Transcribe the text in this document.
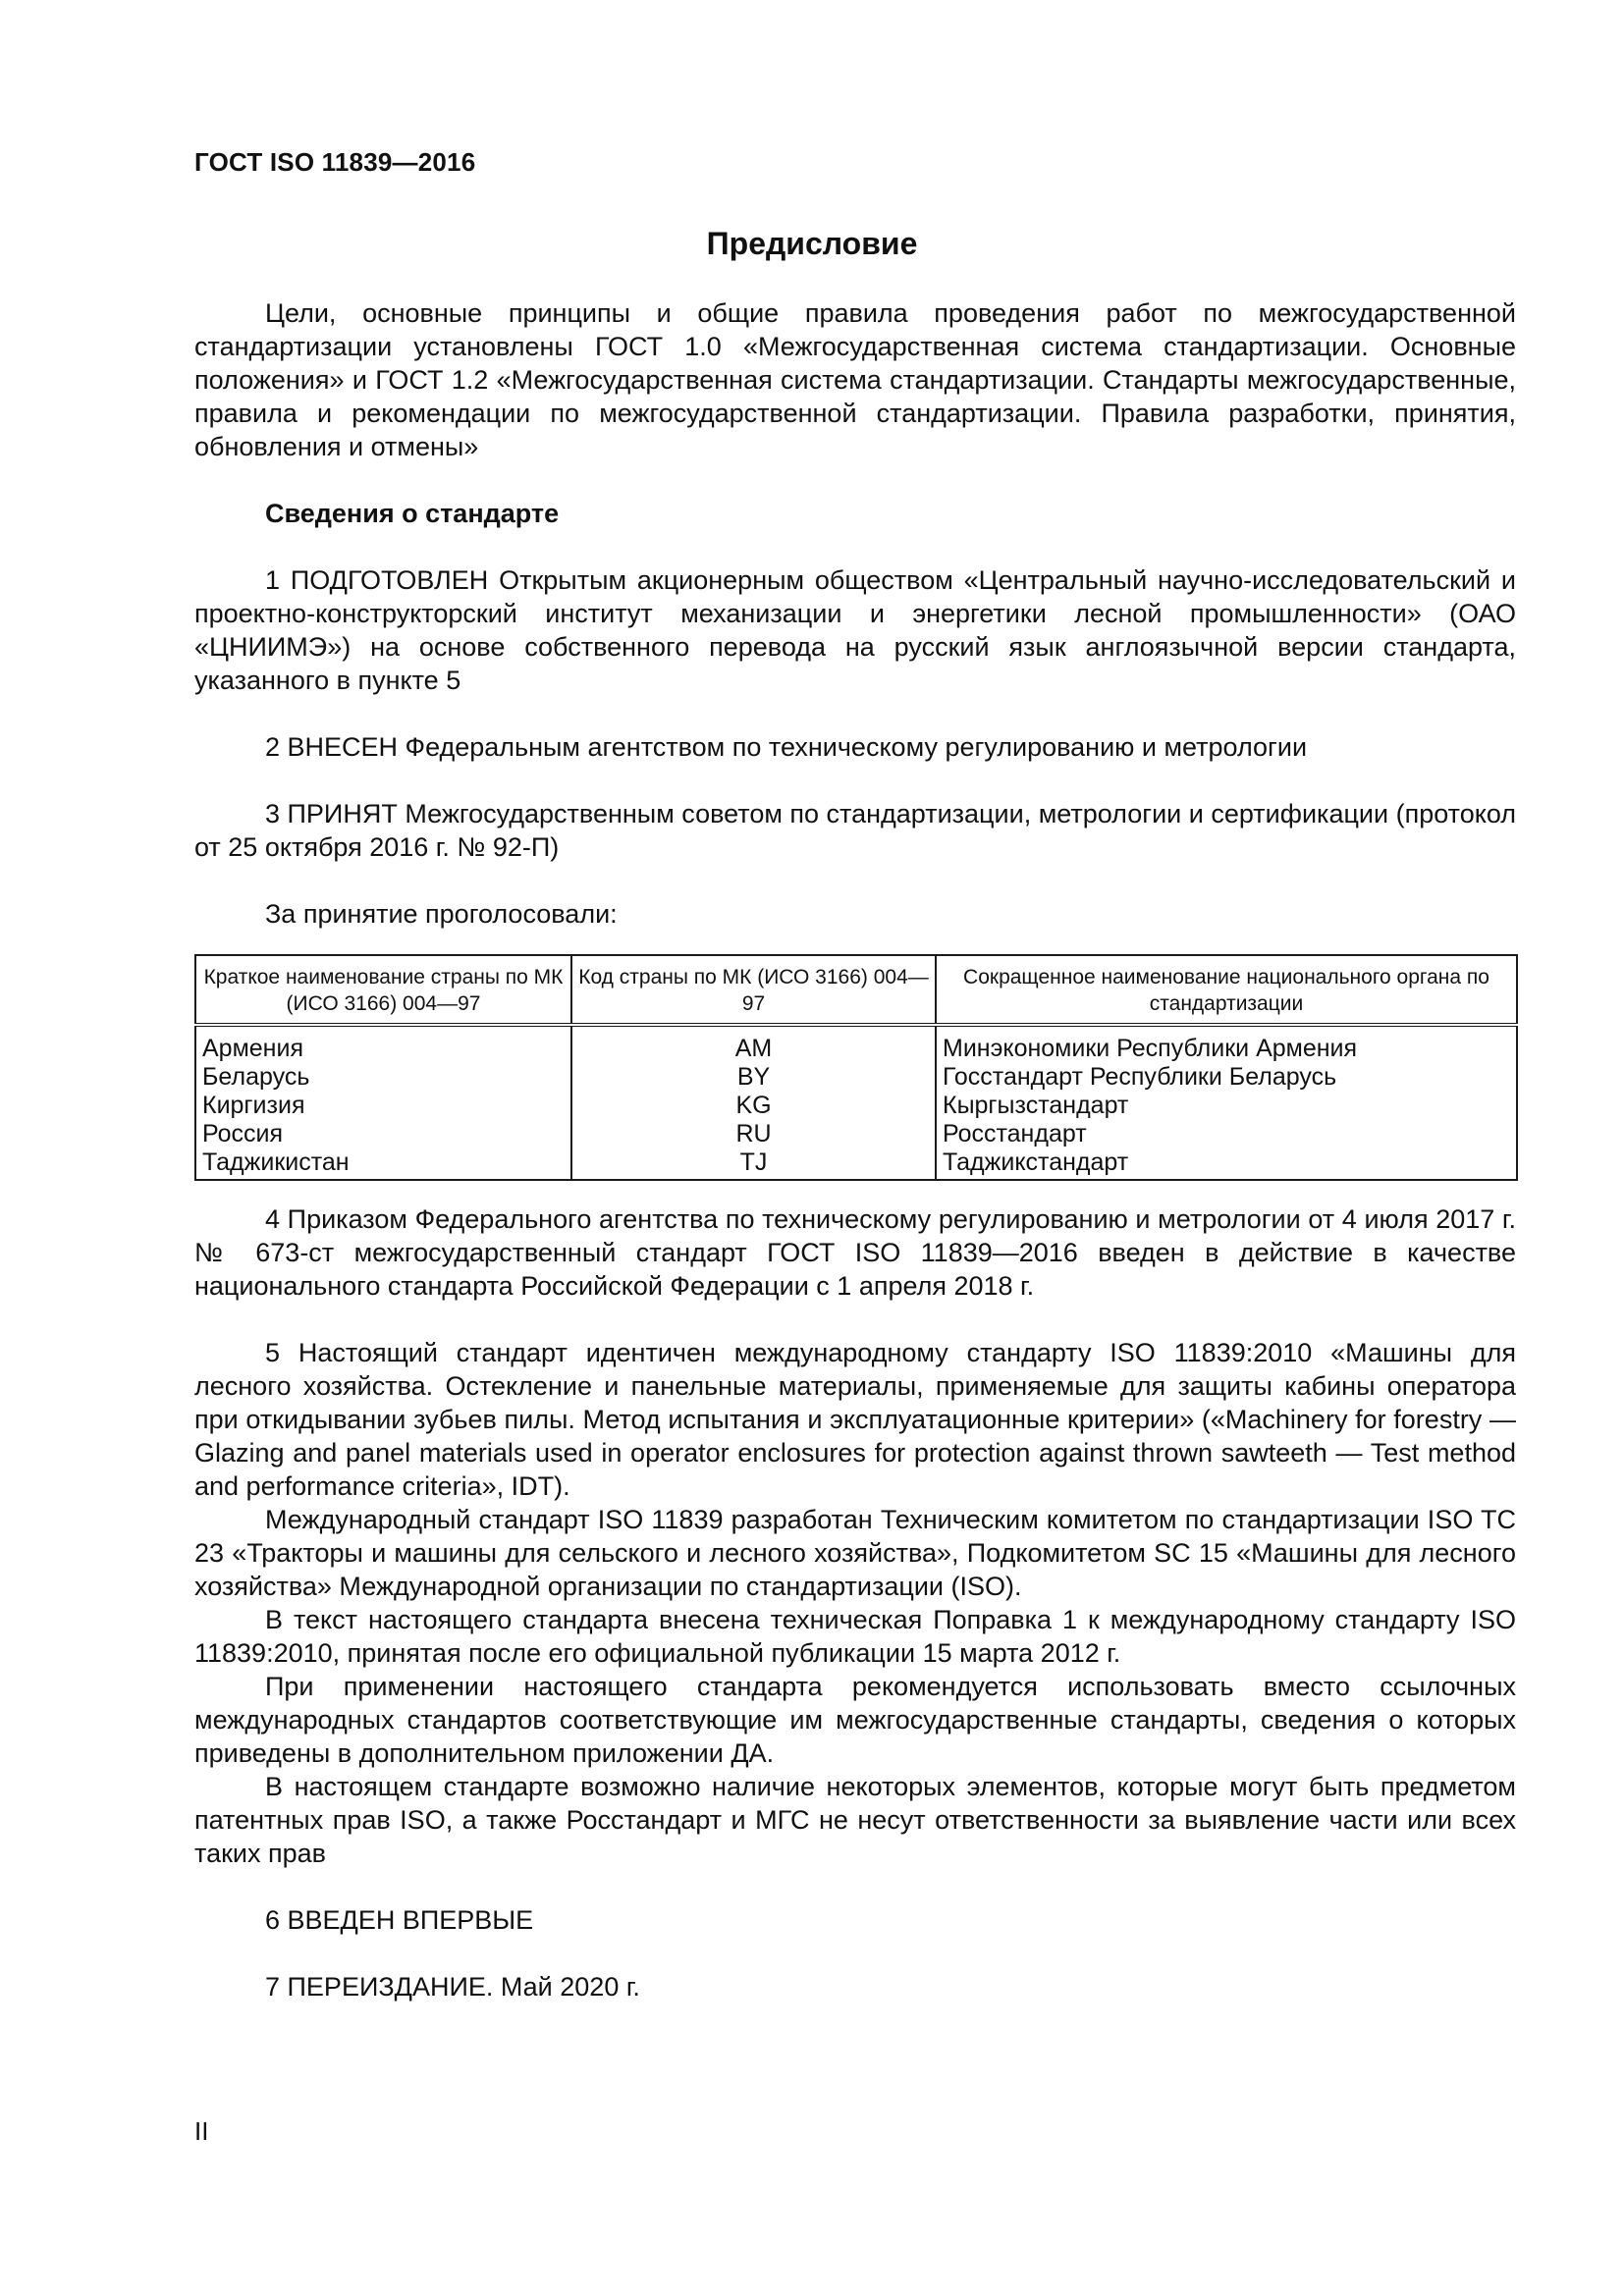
ГОСТ ISO 11839—2016
Предисловие

Цели, основные принципы и общие правила проведения работ по межгосударственной стандартизации установлены ГОСТ 1.0 «Межгосударственная система стандартизации. Основные положения» и ГОСТ 1.2 «Межгосударственная система стандартизации. Стандарты межгосударственные, правила и рекомендации по межгосударственной стандартизации. Правила разработки, принятия, обновления и отмены»

Сведения о стандарте

1 ПОДГОТОВЛЕН Открытым акционерным обществом «Центральный научно-исследовательский и проектно-конструкторский институт механизации и энергетики лесной промышленности» (ОАО «ЦНИИМЭ») на основе собственного перевода на русский язык англоязычной версии стандарта, указанного в пункте 5

2 ВНЕСЕН Федеральным агентством по техническому регулированию и метрологии

3 ПРИНЯТ Межгосударственным советом по стандартизации, метрологии и сертификации (протокол от 25 октября 2016 г. № 92-П)

За принятие проголосовали:

Краткое наименование страны по МК (ИСО 3166) 004—97	Код страны по МК (ИСО 3166) 004—97	Сокращенное наименование национального органа по стандартизации
Армения	AM	Минэкономики Республики Армения
Беларусь	BY	Госстандарт Республики Беларусь
Киргизия	KG	Кыргызстандарт
Россия	RU	Росстандарт
Таджикистан	TJ	Таджикстандарт

4 Приказом Федерального агентства по техническому регулированию и метрологии от 4 июля 2017 г. № 673-ст межгосударственный стандарт ГОСТ ISO 11839—2016 введен в действие в качестве национального стандарта Российской Федерации с 1 апреля 2018 г.

5 Настоящий стандарт идентичен международному стандарту ISO 11839:2010 «Машины для лесного хозяйства. Остекление и панельные материалы, применяемые для защиты кабины оператора при откидывании зубьев пилы. Метод испытания и эксплуатационные критерии» («Machinery for forestry — Glazing and panel materials used in operator enclosures for protection against thrown sawteeth — Test method and performance criteria», IDT).

Международный стандарт ISO 11839 разработан Техническим комитетом по стандартизации ISO TC 23 «Тракторы и машины для сельского и лесного хозяйства», Подкомитетом SC 15 «Машины для лесного хозяйства» Международной организации по стандартизации (ISO).

В текст настоящего стандарта внесена техническая Поправка 1 к международному стандарту ISO 11839:2010, принятая после его официальной публикации 15 марта 2012 г.

При применении настоящего стандарта рекомендуется использовать вместо ссылочных международных стандартов соответствующие им межгосударственные стандарты, сведения о которых приведены в дополнительном приложении ДА.

В настоящем стандарте возможно наличие некоторых элементов, которые могут быть предметом патентных прав ISO, а также Росстандарт и МГС не несут ответственности за выявление части или всех таких прав

6 ВВЕДЕН ВПЕРВЫЕ

7 ПЕРЕИЗДАНИЕ. Май 2020 г.

II
